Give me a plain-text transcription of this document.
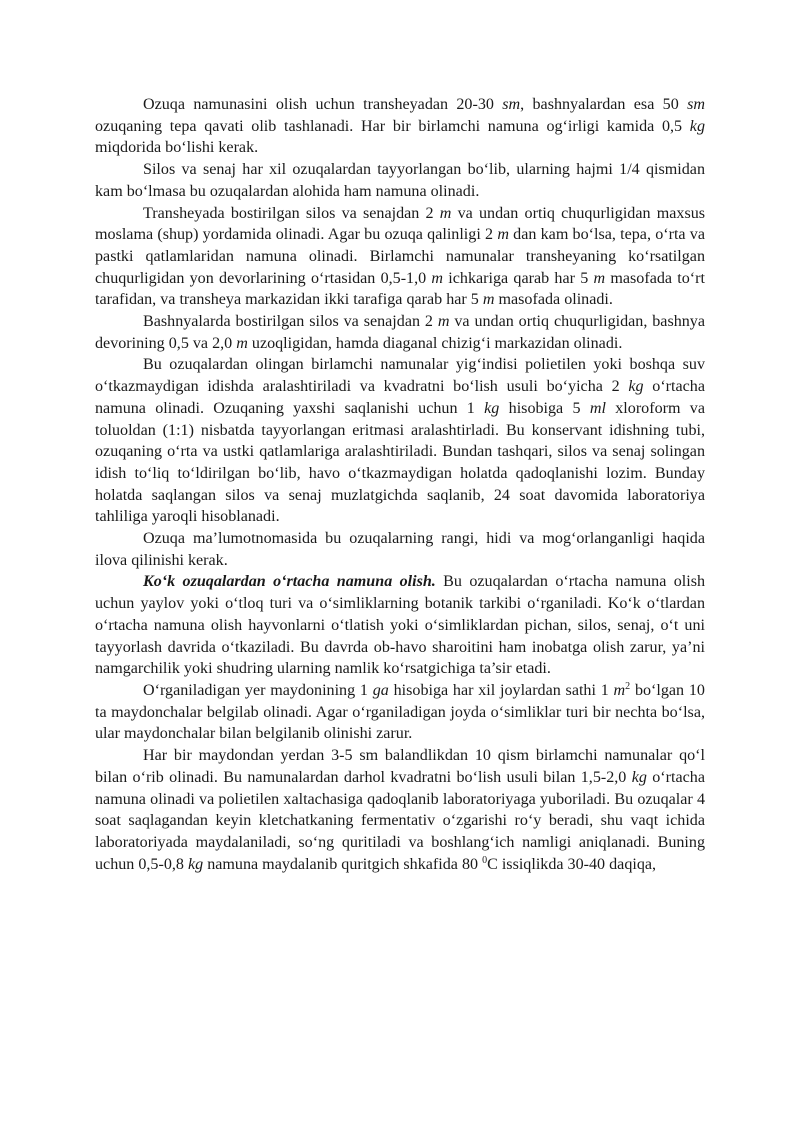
Ozuqa namunasini olish uchun transheyadan 20-30 sm, bashnyalardan esa 50 sm ozuqaning tepa qavati olib tashlanadi. Har bir birlamchi namuna og‘irligi kamida 0,5 kg miqdorida bo‘lishi kerak.

Silos va senaj har xil ozuqalardan tayyorlangan bo‘lib, ularning hajmi 1/4 qismidan kam bo‘lmasa bu ozuqalardan alohida ham namuna olinadi.

Transheyada bostirilgan silos va senajdan 2 m va undan ortiq chuqurligidan maxsus moslama (shup) yordamida olinadi. Agar bu ozuqa qalinligi 2 m dan kam bo‘lsa, tepa, o‘rta va pastki qatlamlaridan namuna olinadi. Birlamchi namunalar transheyaning ko‘rsatilgan chuqurligidan yon devorlarining o‘rtasidan 0,5-1,0 m ichkariga qarab har 5 m masofada to‘rt tarafidan, va transheya markazidan ikki tarafiga qarab har 5 m masofada olinadi.

Bashnyalarda bostirilgan silos va senajdan 2 m va undan ortiq chuqurligidan, bashnya devorining 0,5 va 2,0 m uzoqligidan, hamda diaganal chizig‘i markazidan olinadi.

Bu ozuqalardan olingan birlamchi namunalar yig‘indisi polietilen yoki boshqa suv o‘tkazmaydigan idishda aralashtiriladi va kvadratni bo‘lish usuli bo‘yicha 2 kg o‘rtacha namuna olinadi. Ozuqaning yaxshi saqlanishi uchun 1 kg hisobiga 5 ml xloroform va toluoldan (1:1) nisbatda tayyorlangan eritmasi aralashtirladi. Bu konservant idishning tubi, ozuqaning o‘rta va ustki qatlamlariga aralashtiriladi. Bundan tashqari, silos va senaj solingan idish to‘liq to‘ldirilgan bo‘lib, havo o‘tkazmaydigan holatda qadoqlanishi lozim. Bunday holatda saqlangan silos va senaj muzlatgichda saqlanib, 24 soat davomida laboratoriya tahliliga yaroqli hisoblanadi.

Ozuqa ma’lumotnomasida bu ozuqalarning rangi, hidi va mog‘orlanganligi haqida ilova qilinishi kerak.

Ko‘k ozuqalardan o‘rtacha namuna olish. Bu ozuqalardan o‘rtacha namuna olish uchun yaylov yoki o‘tloq turi va o‘simliklarning botanik tarkibi o‘rganiladi. Ko‘k o‘tlardan o‘rtacha namuna olish hayvonlarni o‘tlatish yoki o‘simliklardan pichan, silos, senaj, o‘t uni tayyorlash davrida o‘tkaziladi. Bu davrda ob-havo sharoitini ham inobatga olish zarur, ya’ni namgarchilik yoki shudring ularning namlik ko‘rsatgichiga ta’sir etadi.

O‘rganiladigan yer maydonining 1 ga hisobiga har xil joylardan sathi 1 $m^2$ bo‘lgan 10 ta maydonchalar belgilab olinadi. Agar o‘rganiladigan joyda o‘simliklar turi bir nechta bo‘lsa, ular maydonchalar bilan belgilanib olinishi zarur.

Har bir maydondan yerdan 3-5 sm balandlikdan 10 qism birlamchi namunalar qo‘l bilan o‘rib olinadi. Bu namunalardan darhol kvadratni bo‘lish usuli bilan 1,5-2,0 kg o‘rtacha namuna olinadi va polietilen xaltachasiga qadoqlanib laboratoriyaga yuboriladi. Bu ozuqalar 4 soat saqlagandan keyin kletchatkaning fermentativ o‘zgarishi ro‘y beradi, shu vaqt ichida laboratoriyada maydalaniladi, so‘ng quritiladi va boshlang‘ich namligi aniqlanadi. Buning uchun 0,5-0,8 kg namuna maydalanib quritgich shkafida 80 $^0$C issiqlikda 30-40 daqiqa,
